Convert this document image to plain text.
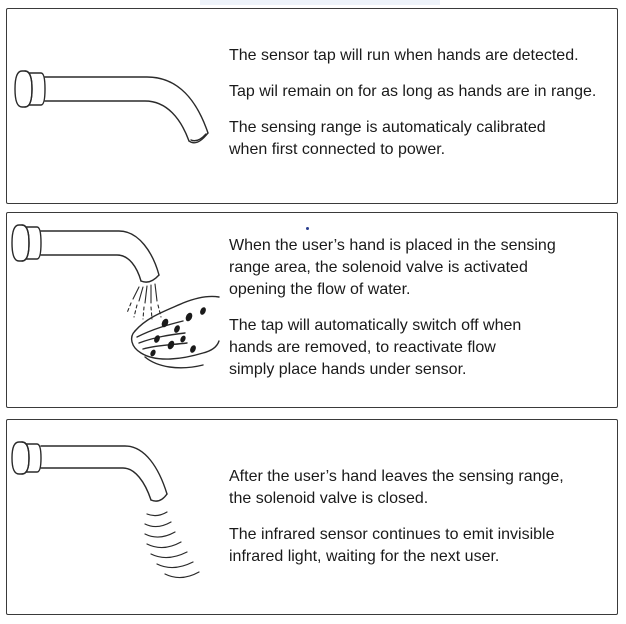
The sensor tap will run when hands are detected.

Tap wil remain on for as long as hands are in range.

The sensing range is automaticaly calibrated
when first connected to power.

When the user’s hand is placed in the sensing
range area, the solenoid valve is activated
opening the flow of water.

The tap will automatically switch off when
hands are removed, to reactivate flow
simply place hands under sensor.

After the user’s hand leaves the sensing range,
the solenoid valve is closed.

The infrared sensor continues to emit invisible
infrared light, waiting for the next user.
